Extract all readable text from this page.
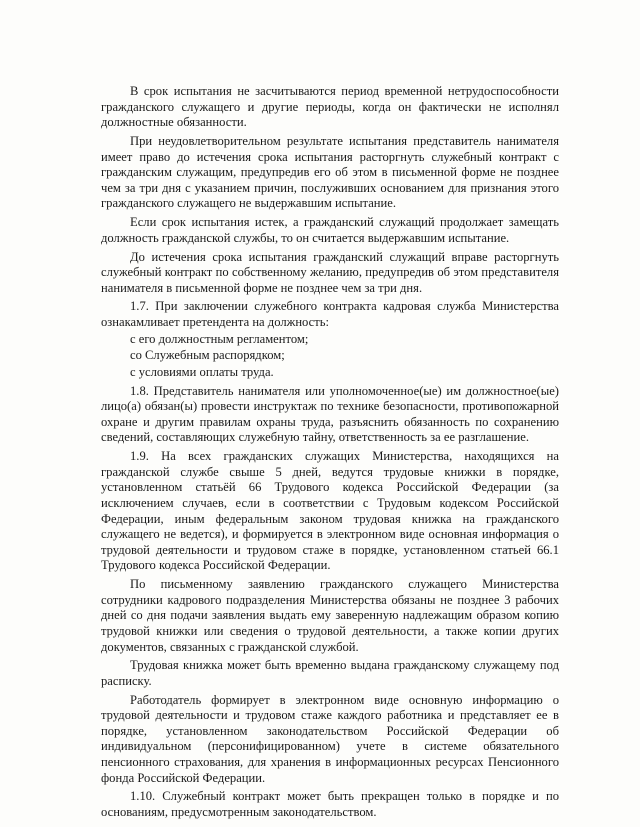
В срок испытания не засчитываются период временной нетрудоспособности гражданского служащего и другие периоды, когда он фактически не исполнял должностные обязанности.

При неудовлетворительном результате испытания представитель нанимателя имеет право до истечения срока испытания расторгнуть служебный контракт с гражданским служащим, предупредив его об этом в письменной форме не позднее чем за три дня с указанием причин, послуживших основанием для признания этого гражданского служащего не выдержавшим испытание.

Если срок испытания истек, а гражданский служащий продолжает замещать должность гражданской службы, то он считается выдержавшим испытание.

До истечения срока испытания гражданский служащий вправе расторгнуть служебный контракт по собственному желанию, предупредив об этом представителя нанимателя в письменной форме не позднее чем за три дня.

1.7. При заключении служебного контракта кадровая служба Министерства ознакамливает претендента на должность:

с его должностным регламентом;

со Служебным распорядком;

с условиями оплаты труда.

1.8. Представитель нанимателя или уполномоченное(ые) им должностное(ые) лицо(а) обязан(ы) провести инструктаж по технике безопасности, противопожарной охране и другим правилам охраны труда, разъяснить обязанность по сохранению сведений, составляющих служебную тайну, ответственность за ее разглашение.

1.9. На всех гражданских служащих Министерства, находящихся на гражданской службе свыше 5 дней, ведутся трудовые книжки в порядке, установленном статьёй 66 Трудового кодекса Российской Федерации (за исключением случаев, если в соответствии с Трудовым кодексом Российской Федерации, иным федеральным законом трудовая книжка на гражданского служащего не ведется), и формируется в электронном виде основная информация о трудовой деятельности и трудовом стаже в порядке, установленном статьей 66.1 Трудового кодекса Российской Федерации.

По письменному заявлению гражданского служащего Министерства сотрудники кадрового подразделения Министерства обязаны не позднее 3 рабочих дней со дня подачи заявления выдать ему заверенную надлежащим образом копию трудовой книжки или сведения о трудовой деятельности, а также копии других документов, связанных с гражданской службой.

Трудовая книжка может быть временно выдана гражданскому служащему под расписку.

Работодатель формирует в электронном виде основную информацию о трудовой деятельности и трудовом стаже каждого работника и представляет ее в порядке, установленном законодательством Российской Федерации об индивидуальном (персонифицированном) учете в системе обязательного пенсионного страхования, для хранения в информационных ресурсах Пенсионного фонда Российской Федерации.

1.10. Служебный контракт может быть прекращен только в порядке и по основаниям, предусмотренным законодательством.
